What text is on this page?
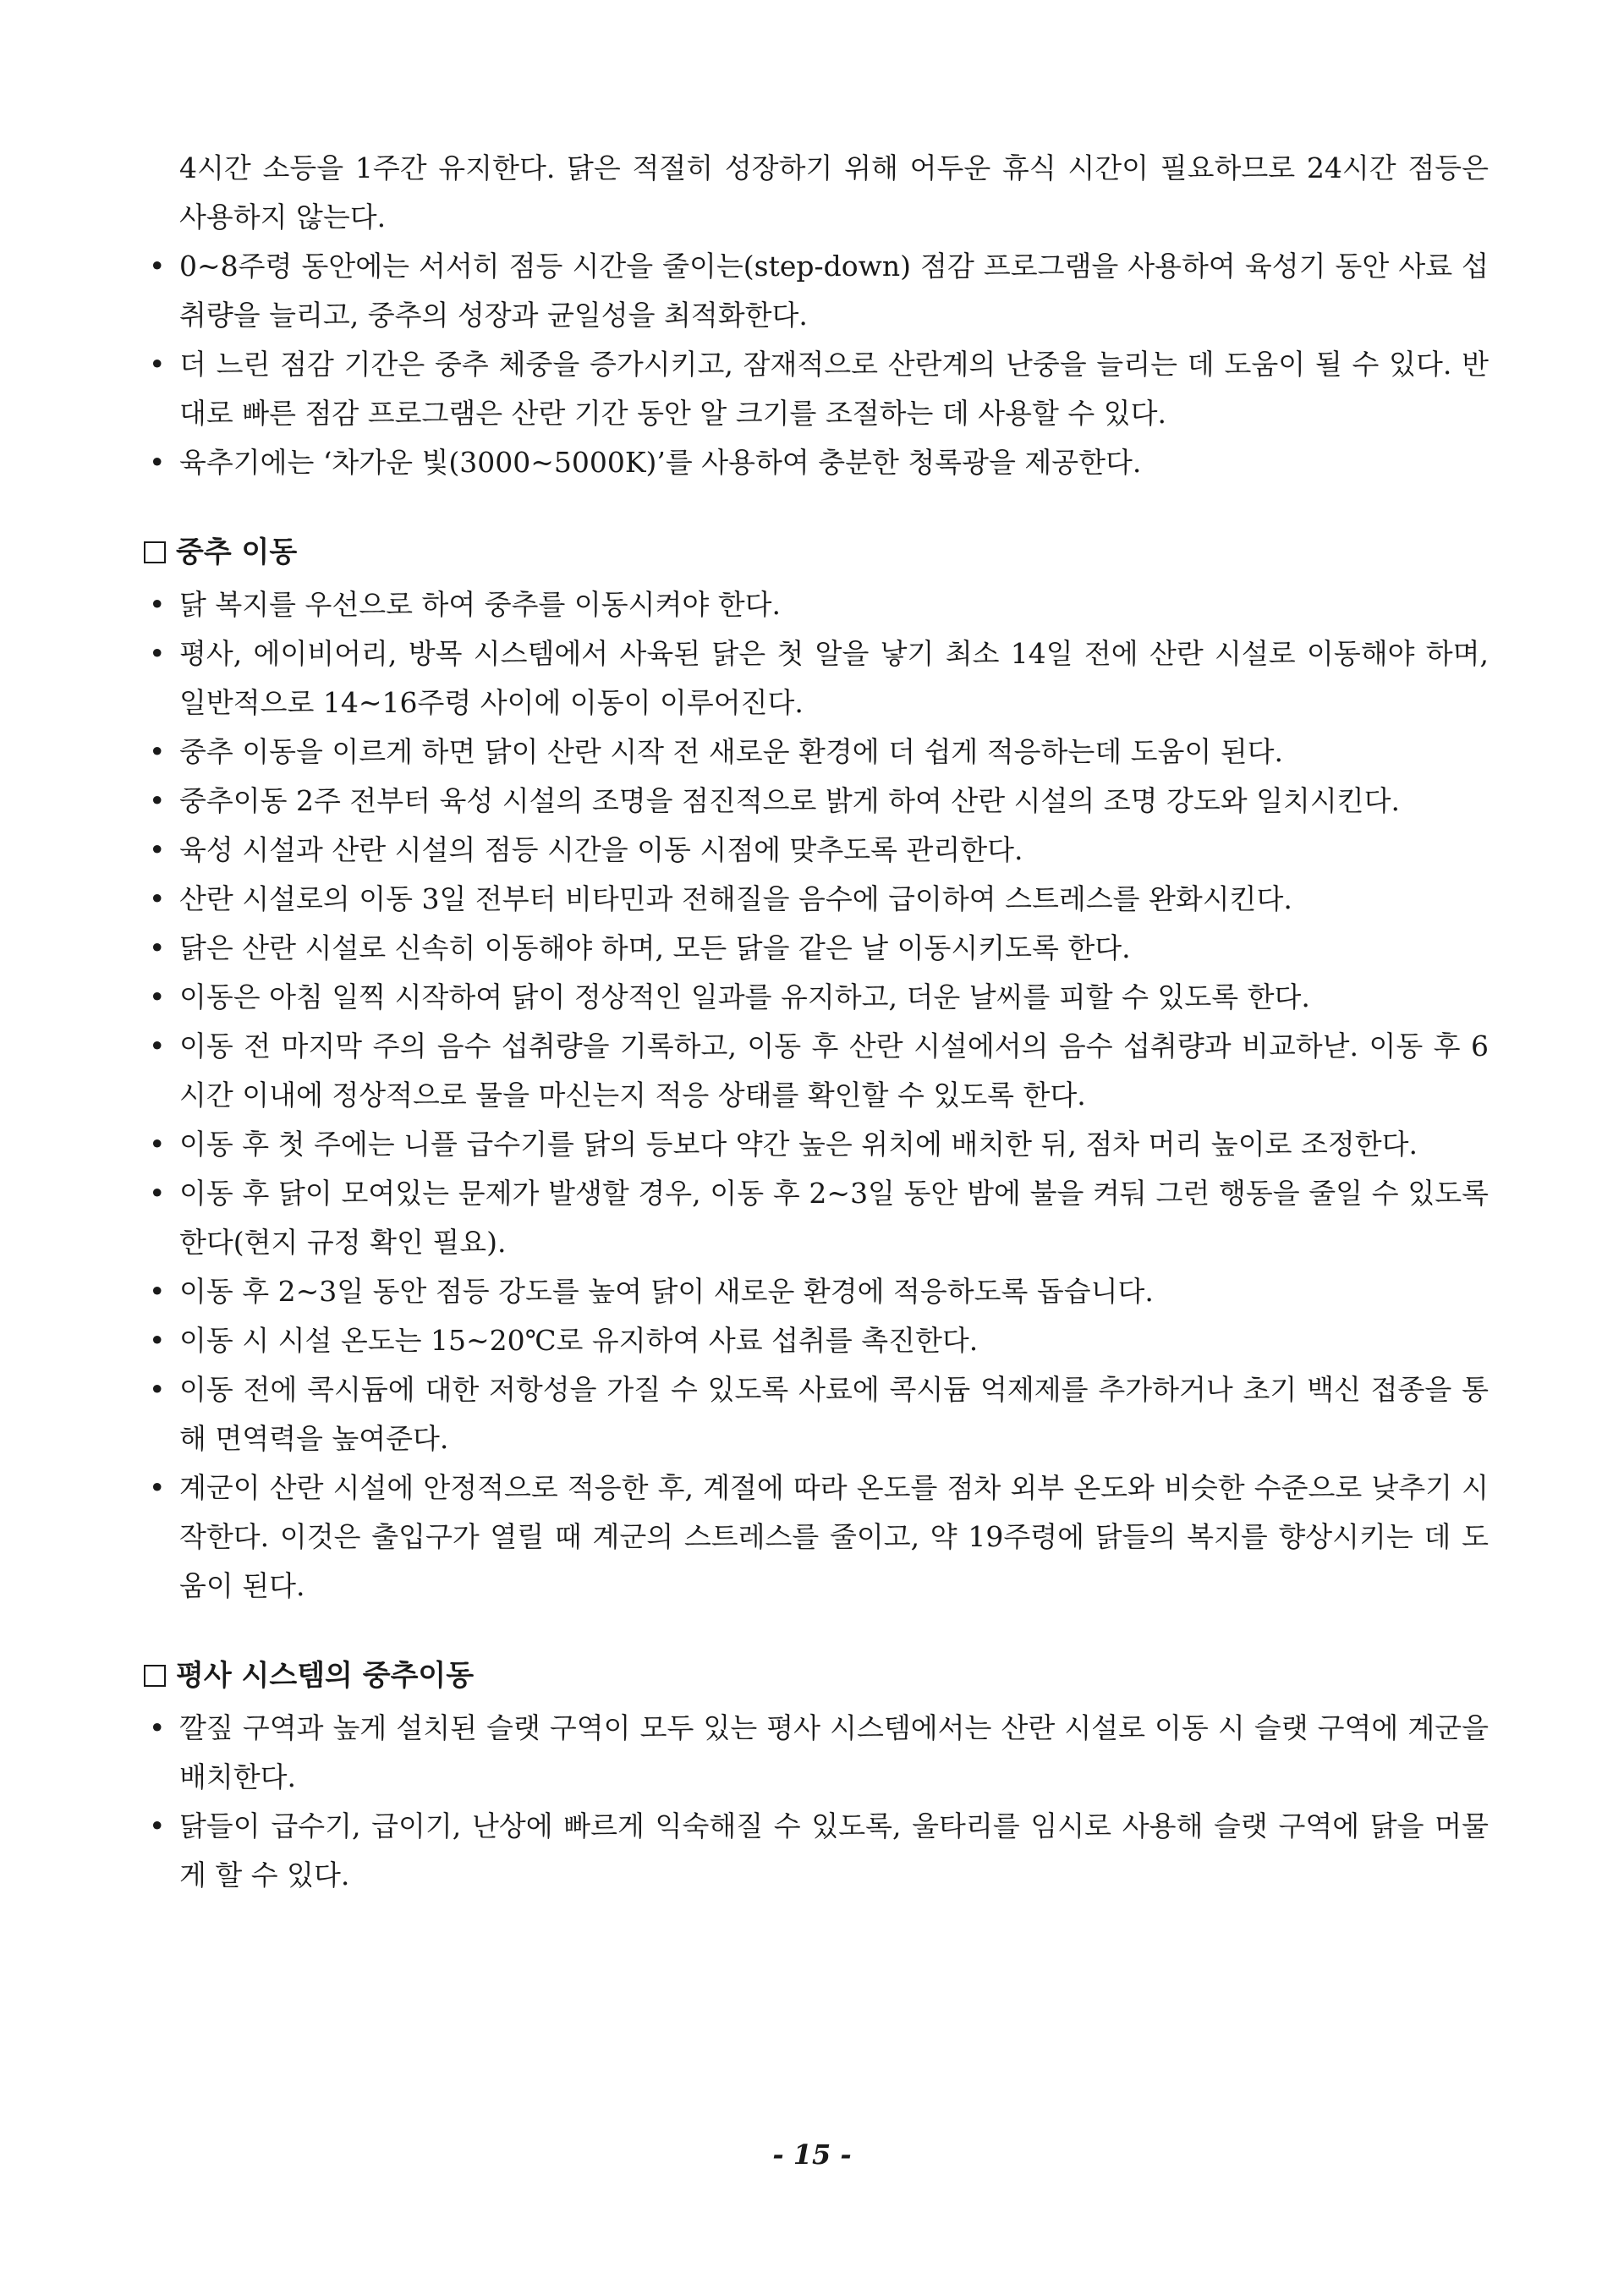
4시간 소등을 1주간 유지한다. 닭은 적절히 성장하기 위해 어두운 휴식 시간이 필요하므로 24시간 점등은 사용하지 않는다.

• 0~8주령 동안에는 서서히 점등 시간을 줄이는(step-down) 점감 프로그램을 사용하여 육성기 동안 사료 섭취량을 늘리고, 중추의 성장과 균일성을 최적화한다.
• 더 느린 점감 기간은 중추 체중을 증가시키고, 잠재적으로 산란계의 난중을 늘리는 데 도움이 될 수 있다. 반대로 빠른 점감 프로그램은 산란 기간 동안 알 크기를 조절하는 데 사용할 수 있다.
• 육추기에는 ‘차가운 빛(3000~5000K)’를 사용하여 충분한 청록광을 제공한다.
중추 이동
• 닭 복지를 우선으로 하여 중추를 이동시켜야 한다.
• 평사, 에이비어리, 방목 시스템에서 사육된 닭은 첫 알을 낳기 최소 14일 전에 산란 시설로 이동해야 하며, 일반적으로 14~16주령 사이에 이동이 이루어진다.
• 중추 이동을 이르게 하면 닭이 산란 시작 전 새로운 환경에 더 쉽게 적응하는데 도움이 된다.
• 중추이동 2주 전부터 육성 시설의 조명을 점진적으로 밝게 하여 산란 시설의 조명 강도와 일치시킨다.
• 육성 시설과 산란 시설의 점등 시간을 이동 시점에 맞추도록 관리한다.
• 산란 시설로의 이동 3일 전부터 비타민과 전해질을 음수에 급이하여 스트레스를 완화시킨다.
• 닭은 산란 시설로 신속히 이동해야 하며, 모든 닭을 같은 날 이동시키도록 한다.
• 이동은 아침 일찍 시작하여 닭이 정상적인 일과를 유지하고, 더운 날씨를 피할 수 있도록 한다.
• 이동 전 마지막 주의 음수 섭취량을 기록하고, 이동 후 산란 시설에서의 음수 섭취량과 비교하낟. 이동 후 6시간 이내에 정상적으로 물을 마신는지 적응 상태를 확인할 수 있도록 한다.
• 이동 후 첫 주에는 니플 급수기를 닭의 등보다 약간 높은 위치에 배치한 뒤, 점차 머리 높이로 조정한다.
• 이동 후 닭이 모여있는 문제가 발생할 경우, 이동 후 2~3일 동안 밤에 불을 켜둬 그런 행동을 줄일 수 있도록 한다(현지 규정 확인 필요).
• 이동 후 2~3일 동안 점등 강도를 높여 닭이 새로운 환경에 적응하도록 돕습니다.
• 이동 시 시설 온도는 15~20℃로 유지하여 사료 섭취를 촉진한다.
• 이동 전에 콕시듐에 대한 저항성을 가질 수 있도록 사료에 콕시듐 억제제를 추가하거나 초기 백신 접종을 통해 면역력을 높여준다.
• 계군이 산란 시설에 안정적으로 적응한 후, 계절에 따라 온도를 점차 외부 온도와 비슷한 수준으로 낮추기 시작한다. 이것은 출입구가 열릴 때 계군의 스트레스를 줄이고, 약 19주령에 닭들의 복지를 향상시키는 데 도움이 된다.
평사 시스템의 중추이동
• 깔짚 구역과 높게 설치된 슬랫 구역이 모두 있는 평사 시스템에서는 산란 시설로 이동 시 슬랫 구역에 계군을 배치한다.
• 닭들이 급수기, 급이기, 난상에 빠르게 익숙해질 수 있도록, 울타리를 임시로 사용해 슬랫 구역에 닭을 머물게 할 수 있다.
- 15 -
